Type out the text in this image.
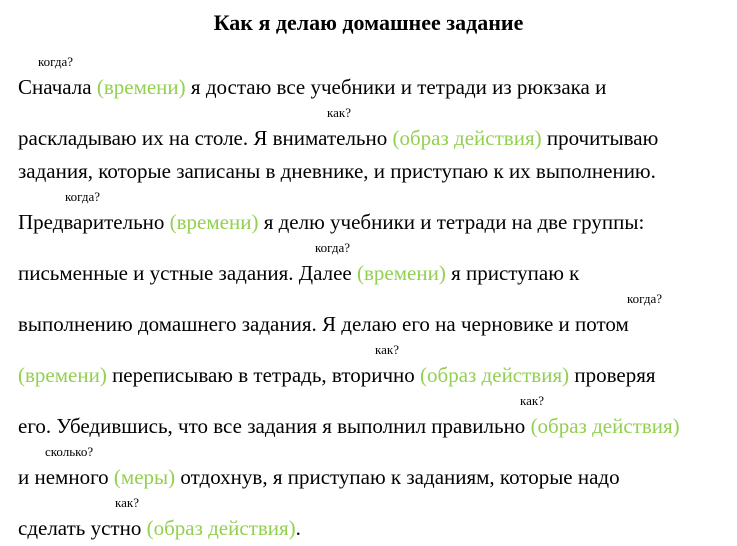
Как я делаю домашнее задание
когда?
Сначала (времени) я достаю все учебники и тетради из рюкзака и
как?
раскладываю их на столе. Я внимательно (образ действия) прочитываю
задания, которые записаны в дневнике, и приступаю к их выполнению.
когда?
Предварительно (времени) я делю учебники и тетради на две группы:
когда?
письменные и устные задания. Далее (времени) я приступаю к
когда?
выполнению домашнего задания. Я делаю его на черновике и потом
как?
(времени) переписываю в тетрадь, вторично (образ действия) проверяя
как?
его. Убедившись, что все задания я выполнил правильно (образ действия)
сколько?
и немного (меры) отдохнув, я приступаю к заданиям, которые надо
как?
сделать устно (образ действия).
